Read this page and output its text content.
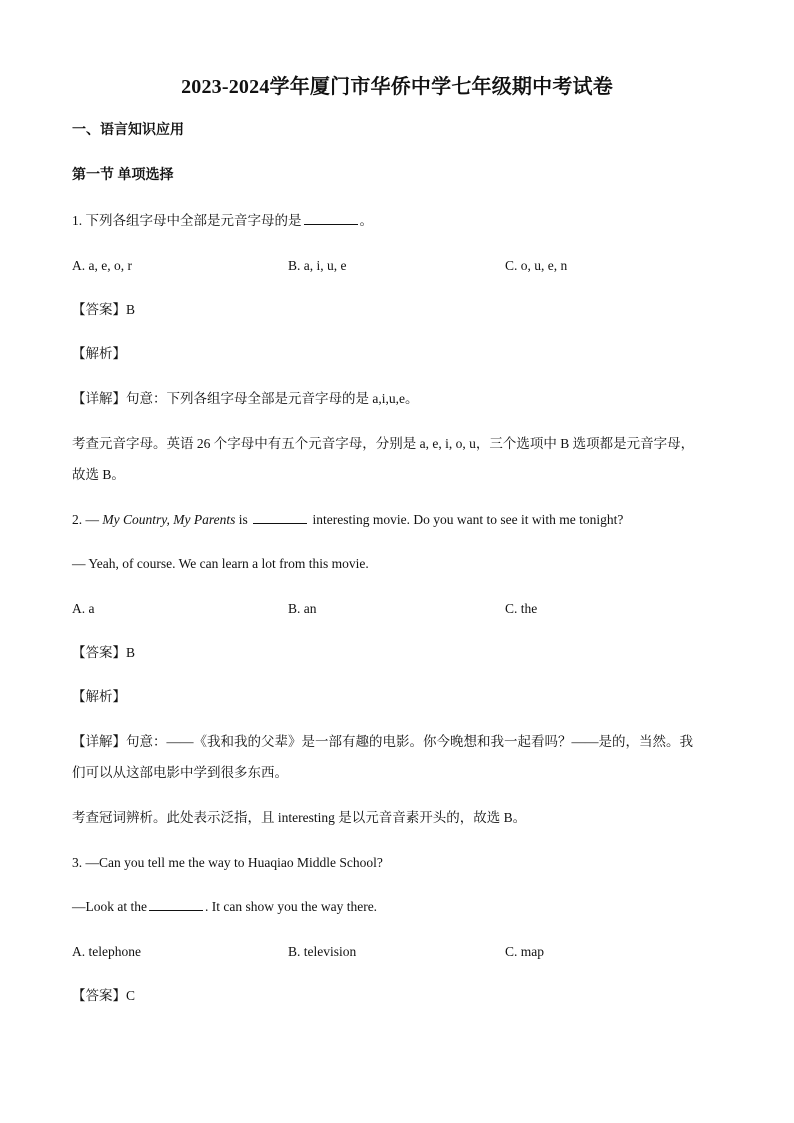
2023-2024学年厦门市华侨中学七年级期中考试卷
一、语言知识应用
第一节 单项选择
1. 下列各组字母中全部是元音字母的是	。
A. a, e, o, r	B. a, i, u, e	C. o, u, e, n
【答案】B
【解析】
【详解】句意：下列各组字母全部是元音字母的是 a,i,u,e。
考查元音字母。英语 26 个字母中有五个元音字母，分别是 a, e, i, o, u，三个选项中 B 选项都是元音字母，
故选 B。
2. — My Country, My Parents is	interesting movie. Do you want to see it with me tonight?
— Yeah, of course. We can learn a lot from this movie.
A. a	B. an	C. the
【答案】B
【解析】
【详解】句意：——《我和我的父辈》是一部有趣的电影。你今晚想和我一起看吗？——是的，当然。我
们可以从这部电影中学到很多东西。
考查冠词辨析。此处表示泛指，且 interesting 是以元音音素开头的，故选 B。
3. —Can you tell me the way to Huaqiao Middle School?
—Look at the	. It can show you the way there.
A. telephone	B. television	C. map
【答案】C
